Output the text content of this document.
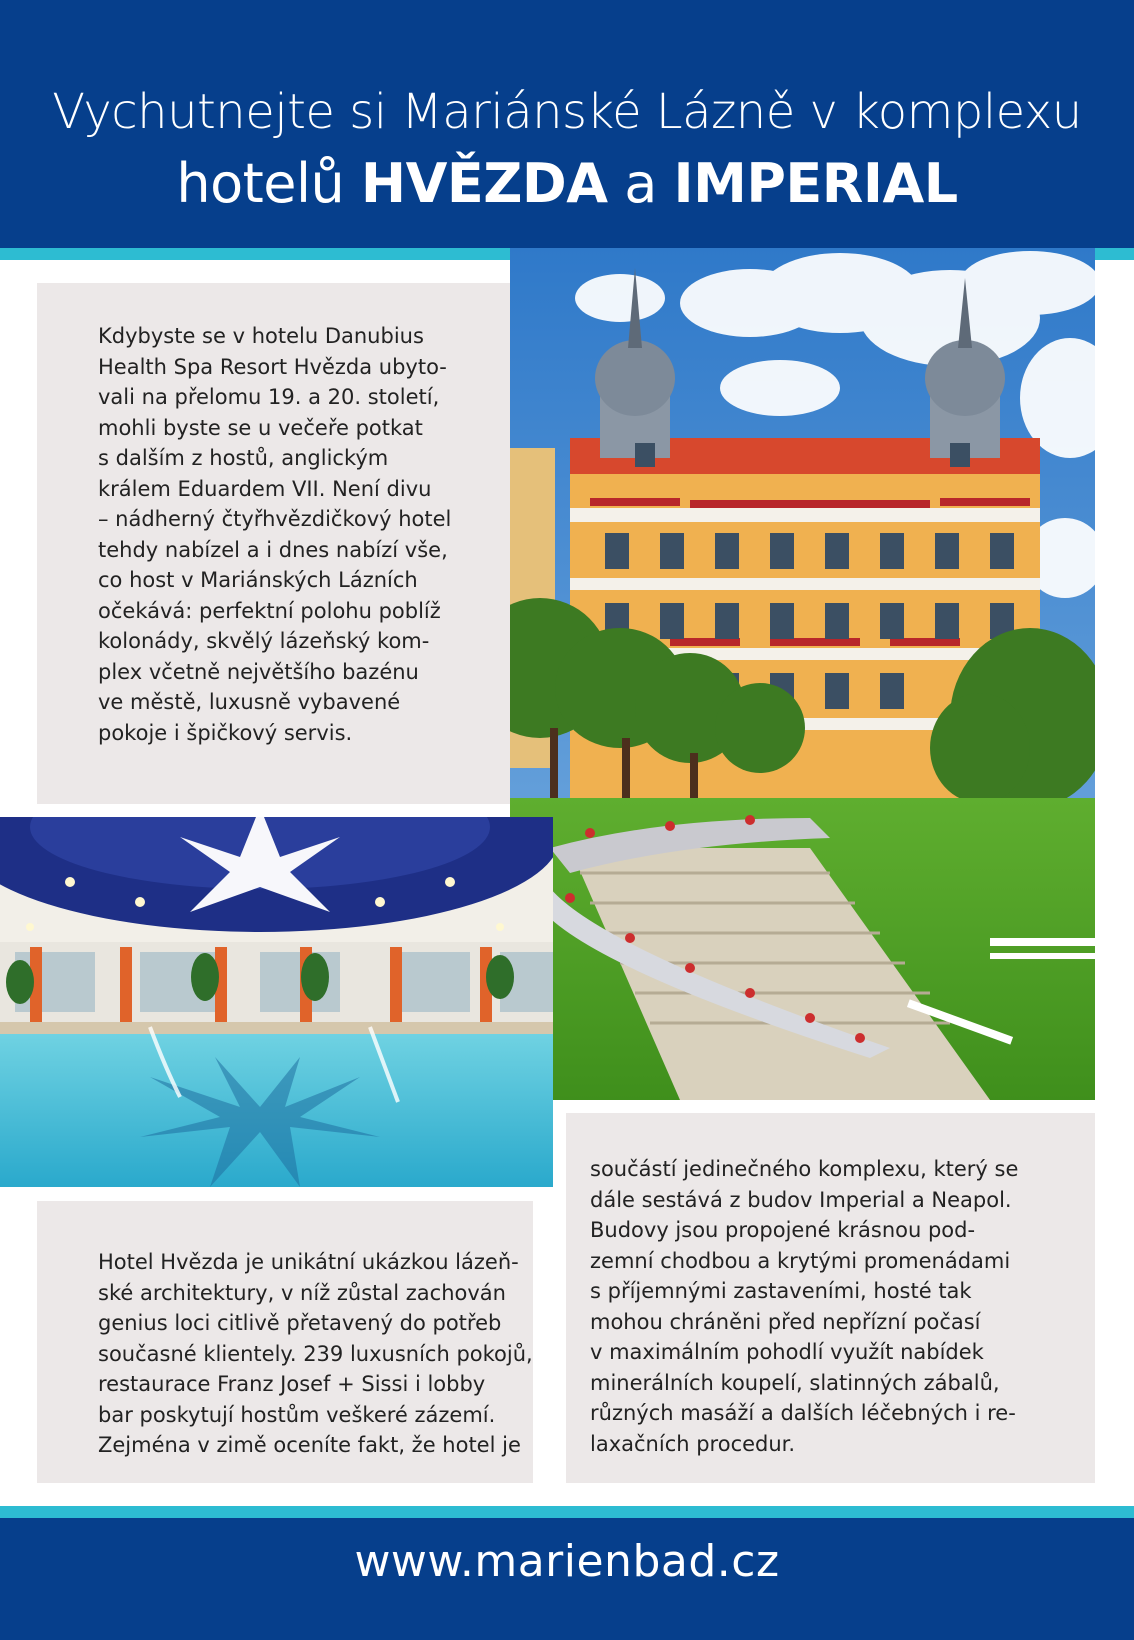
Vychutnejte si Mariánské Lázně v komplexu
hotelů HVĚZDA a IMPERIAL
Kdybyste se v hotelu Danubius
Health Spa Resort Hvězda ubyto-
vali na přelomu 19. a 20. století,
mohli byste se u večeře potkat
s dalším z hostů, anglickým
králem Eduardem VII. Není divu
– nádherný čtyřhvězdičkový hotel
tehdy nabízel a i dnes nabízí vše,
co host v Mariánských Lázních
očekává: perfektní polohu poblíž
kolonády, skvělý lázeňský kom-
plex včetně největšího bazénu
ve městě, luxusně vybavené
pokoje i špičkový servis.
Hotel Hvězda je unikátní ukázkou lázeň-
ské architektury, v níž zůstal zachován
genius loci citlivě přetavený do potřeb
současné klientely. 239 luxusních pokojů,
restaurace Franz Josef + Sissi i lobby
bar poskytují hostům veškeré zázemí.
Zejména v zimě oceníte fakt, že hotel je
součástí jedinečného komplexu, který se
dále sestává z budov Imperial a Neapol.
Budovy jsou propojené krásnou pod-
zemní chodbou a krytými promenádami
s příjemnými zastaveními, hosté tak
mohou chráněni před nepřízní počasí
v maximálním pohodlí využít nabídek
minerálních koupelí, slatinných zábalů,
různých masáží a dalších léčebných i re-
laxačních procedur.
www.marienbad.cz
